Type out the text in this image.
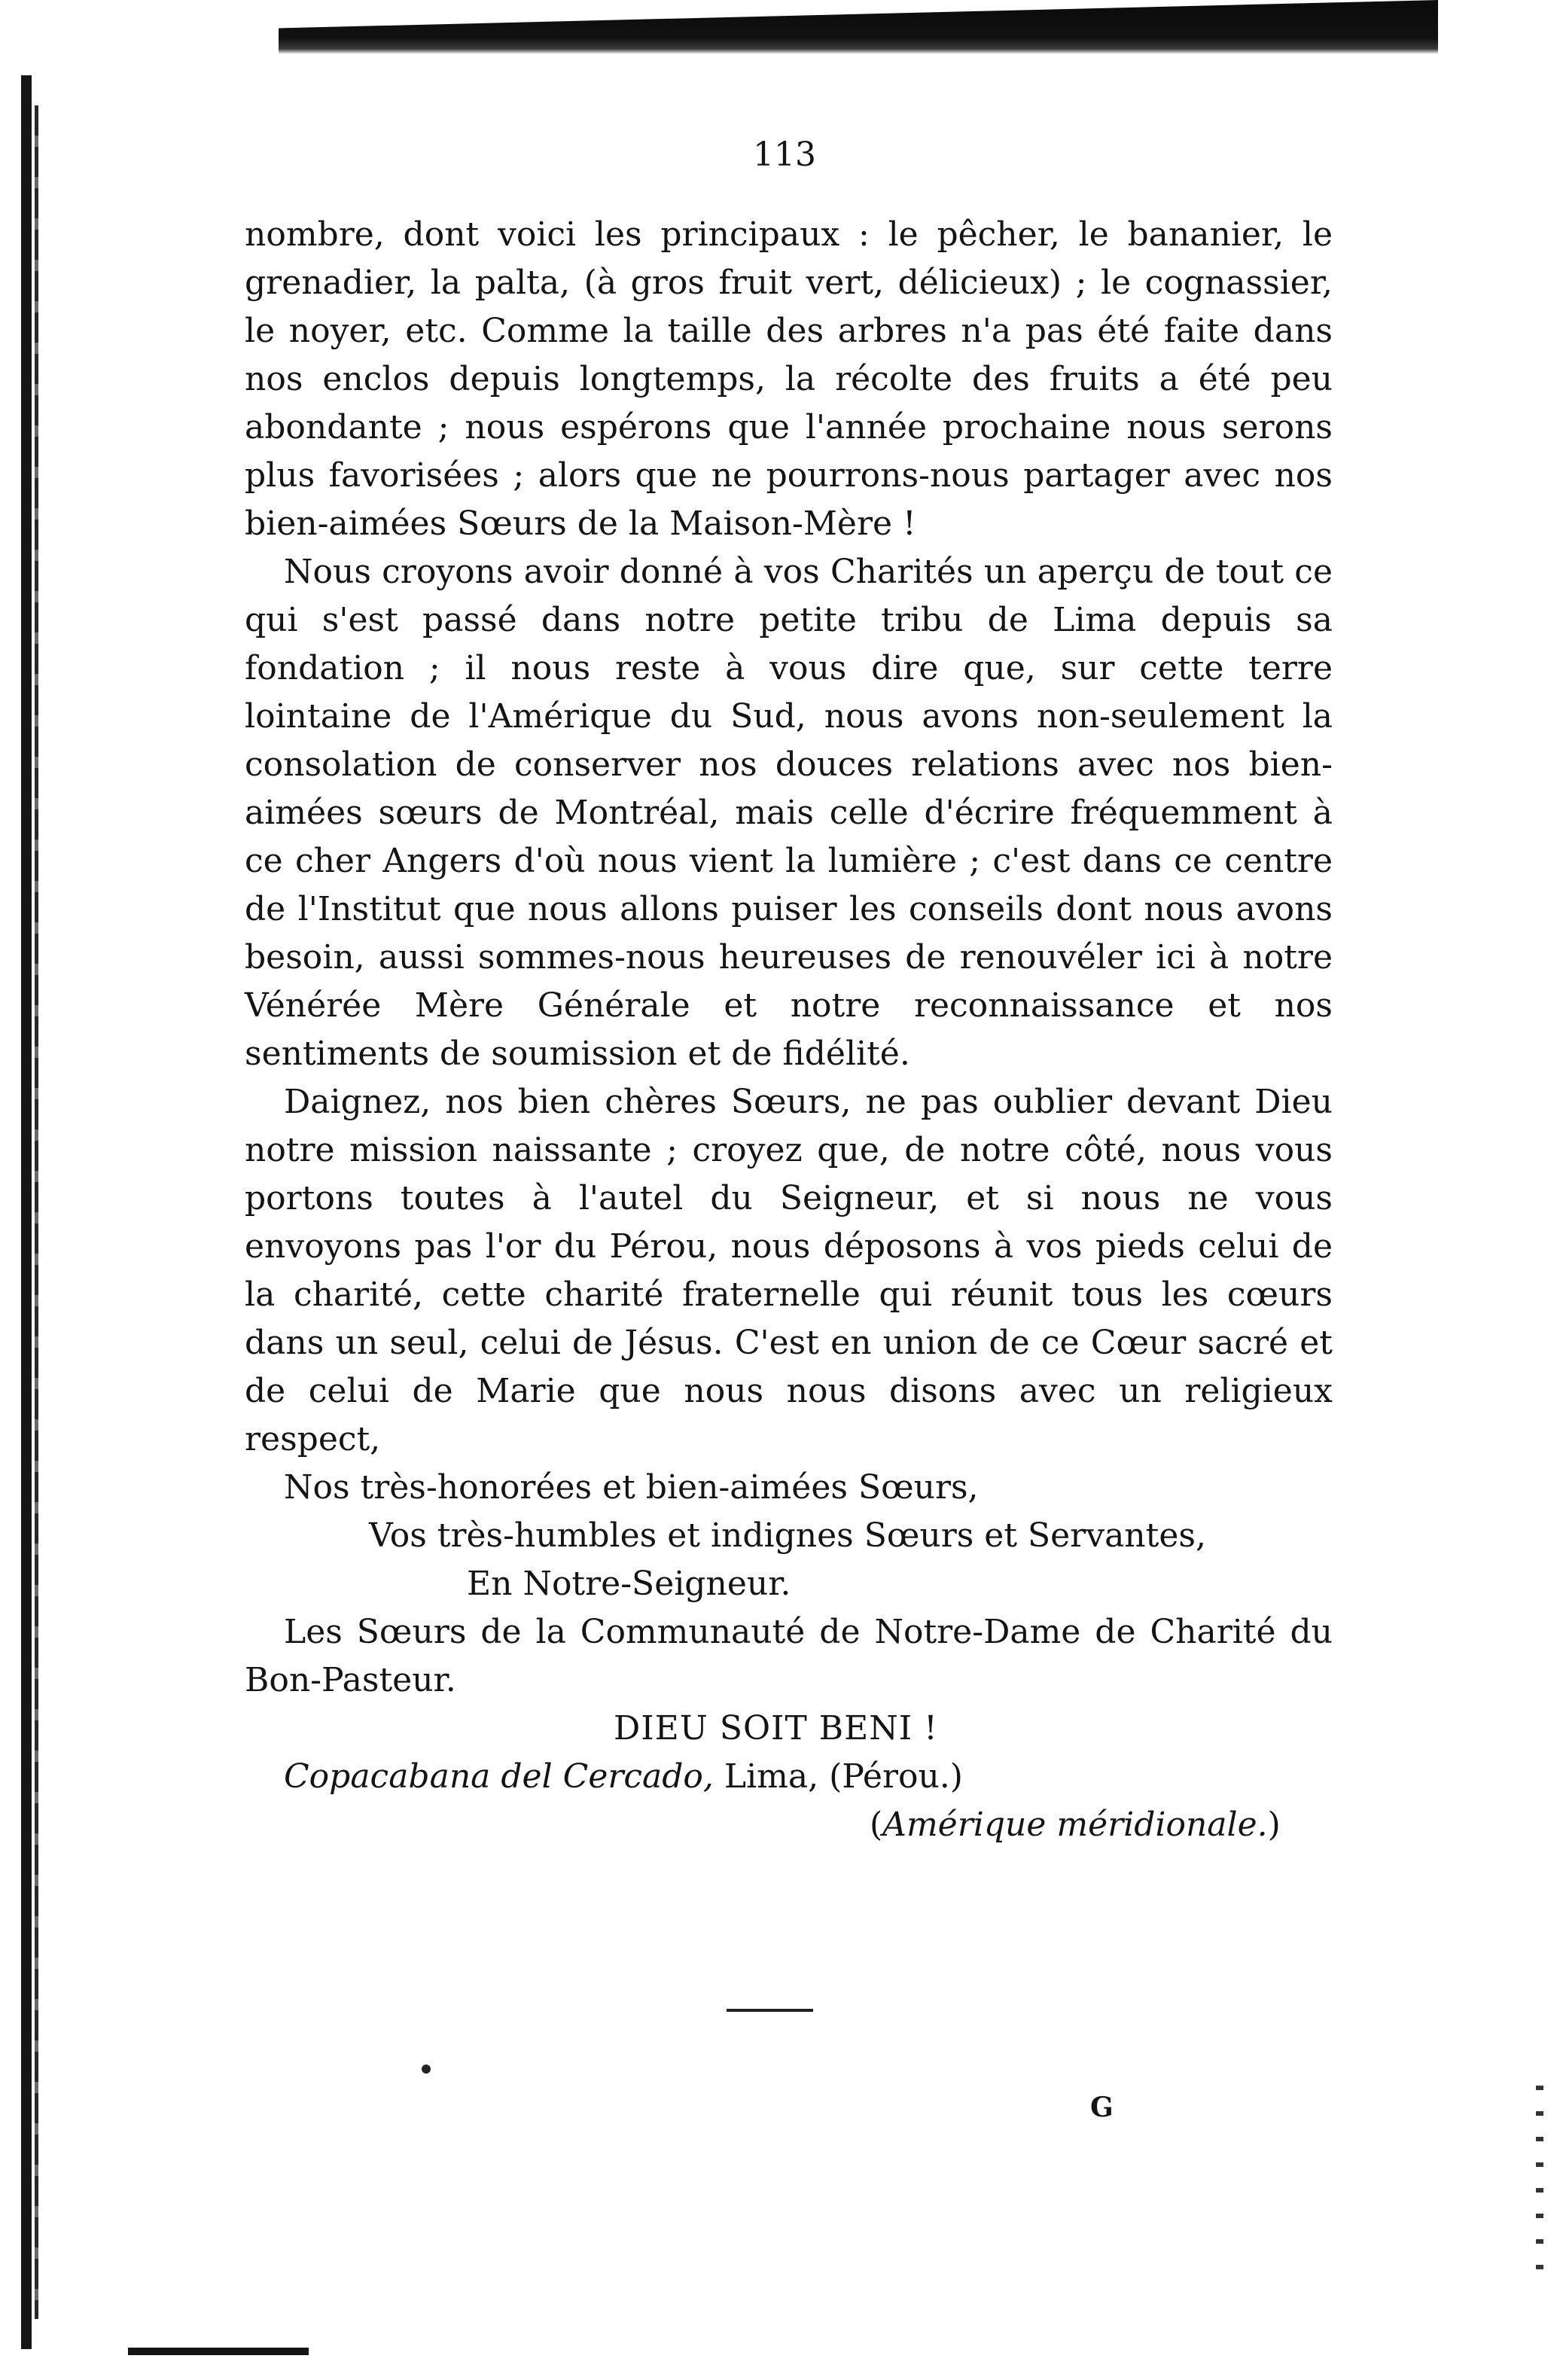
113

nombre, dont voici les principaux : le pêcher, le bananier, le grenadier, la palta, (à gros fruit vert, délicieux) ; le cognassier, le noyer, etc. Comme la taille des arbres n'a pas été faite dans nos enclos depuis longtemps, la récolte des fruits a été peu abondante ; nous espérons que l'année prochaine nous serons plus favorisées ; alors que ne pourrons-nous partager avec nos bien-aimées Sœurs de la Maison-Mère !

Nous croyons avoir donné à vos Charités un aperçu de tout ce qui s'est passé dans notre petite tribu de Lima depuis sa fondation ; il nous reste à vous dire que, sur cette terre lointaine de l'Amérique du Sud, nous avons non-seulement la consolation de conserver nos douces relations avec nos bien-aimées sœurs de Montréal, mais celle d'écrire fréquemment à ce cher Angers d'où nous vient la lumière ; c'est dans ce centre de l'Institut que nous allons puiser les conseils dont nous avons besoin, aussi sommes-nous heureuses de renouvéler ici à notre Vénérée Mère Générale et notre reconnaissance et nos sentiments de soumission et de fidélité.

Daignez, nos bien chères Sœurs, ne pas oublier devant Dieu notre mission naissante ; croyez que, de notre côté, nous vous portons toutes à l'autel du Seigneur, et si nous ne vous envoyons pas l'or du Pérou, nous déposons à vos pieds celui de la charité, cette charité fraternelle qui réunit tous les cœurs dans un seul, celui de Jésus. C'est en union de ce Cœur sacré et de celui de Marie que nous nous disons avec un religieux respect,

Nos très-honorées et bien-aimées Sœurs,

Vos très-humbles et indignes Sœurs et Servantes,

En Notre-Seigneur.

Les Sœurs de la Communauté de Notre-Dame de Charité du Bon-Pasteur.

DIEU SOIT BENI !

Copacabana del Cercado, Lima, (Pérou.)

(Amérique méridionale.)

G
